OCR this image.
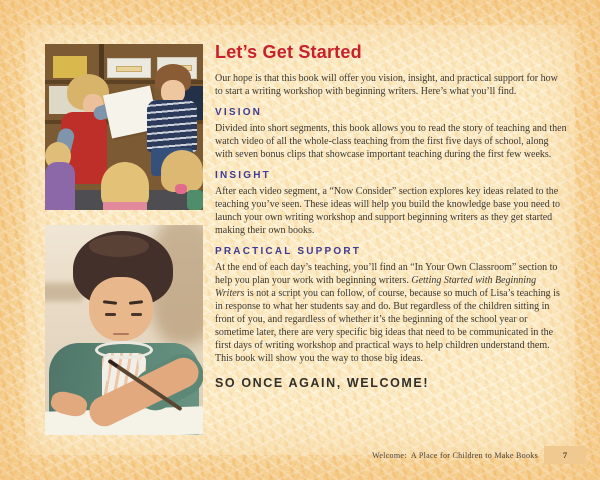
Let’s Get Started

Our hope is that this book will offer you vision, insight, and practical support for how to start a writing workshop with beginning writers. Here’s what you’ll find.

VISION

Divided into short segments, this book allows you to read the story of teaching and then watch video of all the whole-class teaching from the first five days of school, along with seven bonus clips that showcase important teaching during the first few weeks.

INSIGHT

After each video segment, a “Now Consider” section explores key ideas related to the teaching you’ve seen. These ideas will help you build the knowledge base you need to launch your own writing workshop and support beginning writers as they get started making their own books.

PRACTICAL SUPPORT

At the end of each day’s teaching, you’ll find an “In Your Own Classroom” section to help you plan your work with beginning writers. Getting Started with Beginning Writers is not a script you can follow, of course, because so much of Lisa’s teaching is in response to what her students say and do. But regardless of the children sitting in front of you, and regardless of whether it’s the beginning of the school year or sometime later, there are very specific big ideas that need to be communicated in the first days of writing workshop and practical ways to help children understand them. This book will show you the way to those big ideas.

SO ONCE AGAIN, WELCOME!
Welcome:  A Place for Children to Make Books	7
